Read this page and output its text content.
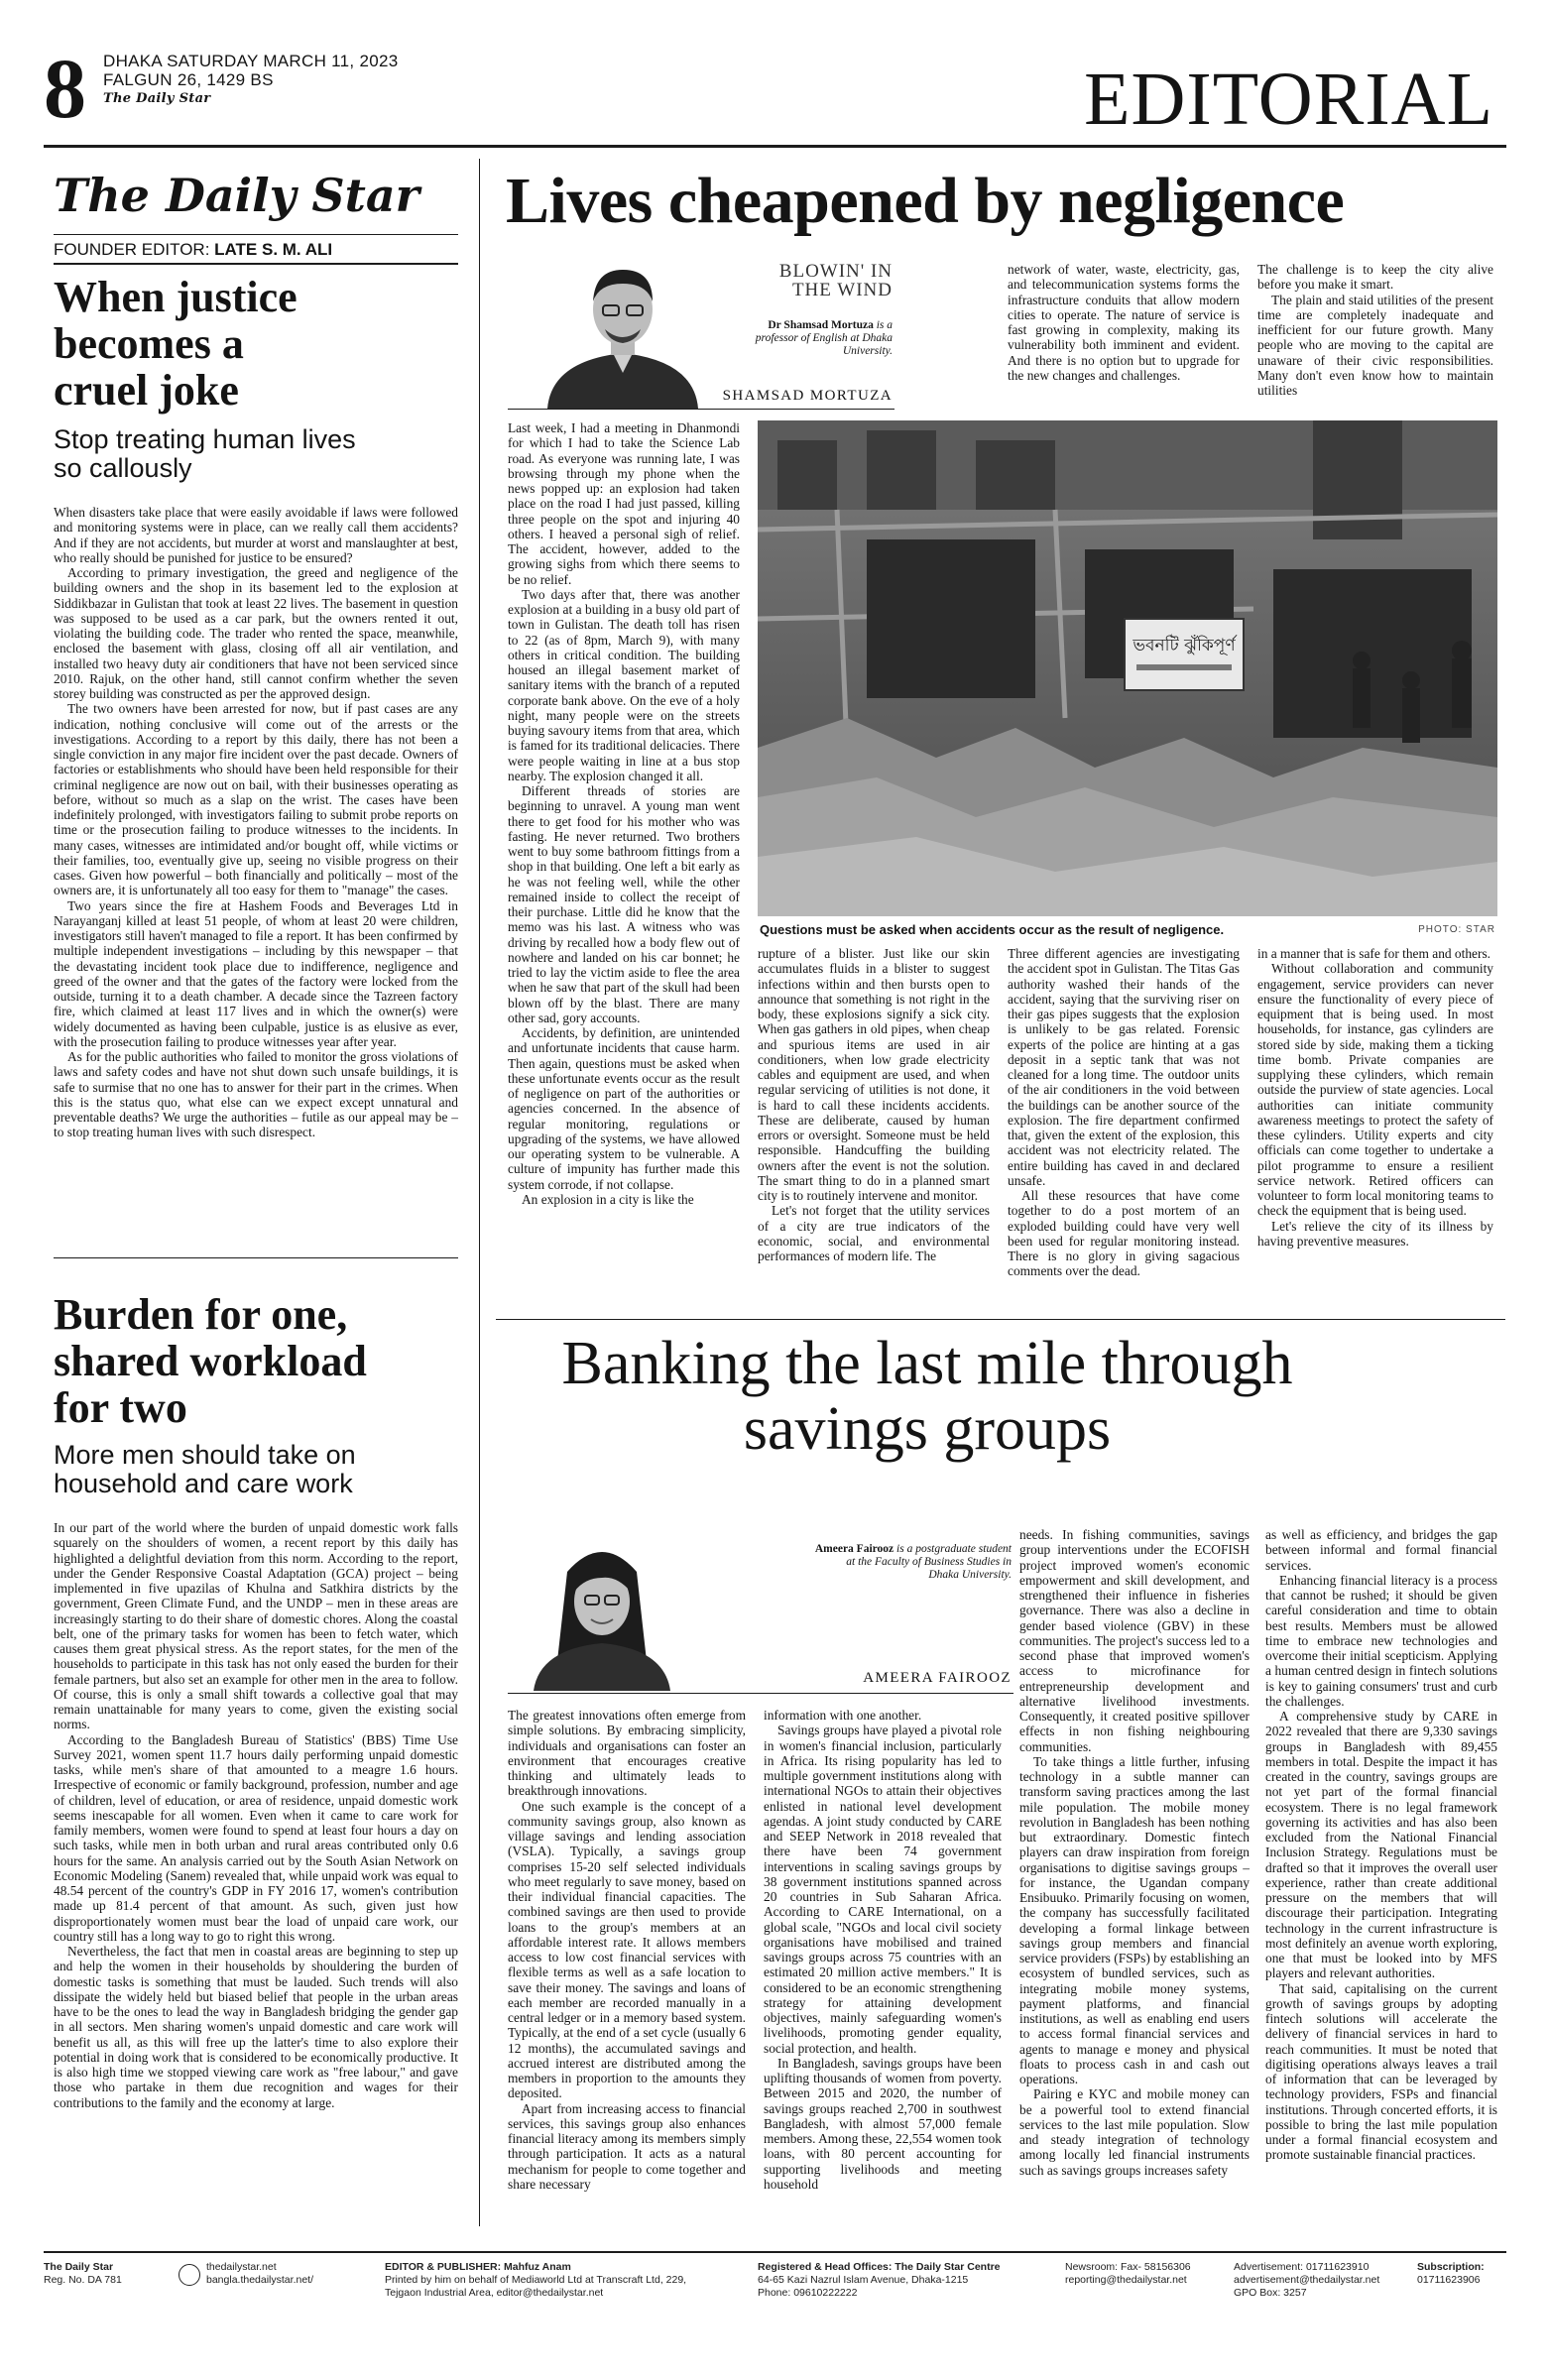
8 DHAKA SATURDAY MARCH 11, 2023
FALGUN 26, 1429 BS
The Daily Star	EDITORIAL
The Daily Star
FOUNDER EDITOR: LATE S. M. ALI
When justice becomes a cruel joke
Stop treating human lives so callously

When disasters take place that were easily avoidable if laws were followed and monitoring systems were in place, can we really call them accidents? And if they are not accidents, but murder at worst and manslaughter at best, who really should be punished for justice to be ensured?

According to primary investigation, the greed and negligence of the building owners and the shop in its basement led to the explosion at Siddikbazar in Gulistan that took at least 22 lives. The basement in question was supposed to be used as a car park, but the owners rented it out, violating the building code. The trader who rented the space, meanwhile, enclosed the basement with glass, closing off all air ventilation, and installed two heavy duty air conditioners that have not been serviced since 2010. Rajuk, on the other hand, still cannot confirm whether the seven storey building was constructed as per the approved design.

The two owners have been arrested for now, but if past cases are any indication, nothing conclusive will come out of the arrests or the investigations. According to a report by this daily, there has not been a single conviction in any major fire incident over the past decade. Owners of factories or establishments who should have been held responsible for their criminal negligence are now out on bail, with their businesses operating as before, without so much as a slap on the wrist. The cases have been indefinitely prolonged, with investigators failing to submit probe reports on time or the prosecution failing to produce witnesses to the incidents. In many cases, witnesses are intimidated and/or bought off, while victims or their families, too, eventually give up, seeing no visible progress on their cases. Given how powerful – both financially and politically – most of the owners are, it is unfortunately all too easy for them to "manage" the cases.

Two years since the fire at Hashem Foods and Beverages Ltd in Narayanganj killed at least 51 people, of whom at least 20 were children, investigators still haven't managed to file a report. It has been confirmed by multiple independent investigations – including by this newspaper – that the devastating incident took place due to indifference, negligence and greed of the owner and that the gates of the factory were locked from the outside, turning it to a death chamber. A decade since the Tazreen factory fire, which claimed at least 117 lives and in which the owner(s) were widely documented as having been culpable, justice is as elusive as ever, with the prosecution failing to produce witnesses year after year.

As for the public authorities who failed to monitor the gross violations of laws and safety codes and have not shut down such unsafe buildings, it is safe to surmise that no one has to answer for their part in the crimes. When this is the status quo, what else can we expect except unnatural and preventable deaths? We urge the authorities – futile as our appeal may be – to stop treating human lives with such disrespect.

Burden for one, shared workload for two
More men should take on household and care work

In our part of the world where the burden of unpaid domestic work falls squarely on the shoulders of women, a recent report by this daily has highlighted a delightful deviation from this norm. According to the report, under the Gender Responsive Coastal Adaptation (GCA) project – being implemented in five upazilas of Khulna and Satkhira districts by the government, Green Climate Fund, and the UNDP – men in these areas are increasingly starting to do their share of domestic chores. Along the coastal belt, one of the primary tasks for women has been to fetch water, which causes them great physical stress. As the report states, for the men of the households to participate in this task has not only eased the burden for their female partners, but also set an example for other men in the area to follow. Of course, this is only a small shift towards a collective goal that may remain unattainable for many years to come, given the existing social norms.

According to the Bangladesh Bureau of Statistics' (BBS) Time Use Survey 2021, women spent 11.7 hours daily performing unpaid domestic tasks, while men's share of that amounted to a meagre 1.6 hours. Irrespective of economic or family background, profession, number and age of children, level of education, or area of residence, unpaid domestic work seems inescapable for all women. Even when it came to care work for family members, women were found to spend at least four hours a day on such tasks, while men in both urban and rural areas contributed only 0.6 hours for the same. An analysis carried out by the South Asian Network on Economic Modeling (Sanem) revealed that, while unpaid work was equal to 48.54 percent of the country's GDP in FY 2016 17, women's contribution made up 81.4 percent of that amount. As such, given just how disproportionately women must bear the load of unpaid care work, our country still has a long way to go to right this wrong.

Nevertheless, the fact that men in coastal areas are beginning to step up and help the women in their households by shouldering the burden of domestic tasks is something that must be lauded. Such trends will also dissipate the widely held but biased belief that people in the urban areas have to be the ones to lead the way in Bangladesh bridging the gender gap in all sectors. Men sharing women's unpaid domestic and care work will benefit us all, as this will free up the latter's time to also explore their potential in doing work that is considered to be economically productive. It is also high time we stopped viewing care work as "free labour," and gave those who partake in them due recognition and wages for their contributions to the family and the economy at large.

Lives cheapened by negligence
BLOWIN' IN THE WIND
Dr Shamsad Mortuza is a professor of English at Dhaka University.
SHAMSAD MORTUZA

Last week, I had a meeting in Dhanmondi for which I had to take the Science Lab road. As everyone was running late, I was browsing through my phone when the news popped up: an explosion had taken place on the road I had just passed, killing three people on the spot and injuring 40 others. I heaved a personal sigh of relief. The accident, however, added to the growing sighs from which there seems to be no relief.

Two days after that, there was another explosion at a building in a busy old part of town in Gulistan. The death toll has risen to 22 (as of 8pm, March 9), with many others in critical condition. The building housed an illegal basement market of sanitary items with the branch of a reputed corporate bank above. On the eve of a holy night, many people were on the streets buying savoury items from that area, which is famed for its traditional delicacies. There were people waiting in line at a bus stop nearby. The explosion changed it all.

Different threads of stories are beginning to unravel. A young man went there to get food for his mother who was fasting. He never returned. Two brothers went to buy some bathroom fittings from a shop in that building. One left a bit early as he was not feeling well, while the other remained inside to collect the receipt of their purchase. Little did he know that the memo was his last. A witness who was driving by recalled how a body flew out of nowhere and landed on his car bonnet; he tried to lay the victim aside to flee the area when he saw that part of the skull had been blown off by the blast. There are many other sad, gory accounts.

Accidents, by definition, are unintended and unfortunate incidents that cause harm. Then again, questions must be asked when these unfortunate events occur as the result of negligence on part of the authorities or agencies concerned. In the absence of regular monitoring, regulations or upgrading of the systems, we have allowed our operating system to be vulnerable. A culture of impunity has further made this system corrode, if not collapse.

An explosion in a city is like the

network of water, waste, electricity, gas, and telecommunication systems forms the infrastructure conduits that allow modern cities to operate. The nature of service is fast growing in complexity, making its vulnerability both imminent and evident. And there is no option but to upgrade for the new changes and challenges.

The challenge is to keep the city alive before you make it smart.

The plain and staid utilities of the present time are completely inadequate and inefficient for our future growth. Many people who are moving to the capital are unaware of their civic responsibilities. Many don't even know how to maintain utilities

ভবনটি ঝুঁকিপূর্ণ
Questions must be asked when accidents occur as the result of negligence.	PHOTO: STAR

rupture of a blister. Just like our skin accumulates fluids in a blister to suggest infections within and then bursts open to announce that something is not right in the body, these explosions signify a sick city. When gas gathers in old pipes, when cheap and spurious items are used in air conditioners, when low grade electricity cables and equipment are used, and when regular servicing of utilities is not done, it is hard to call these incidents accidents. These are deliberate, caused by human errors or oversight. Someone must be held responsible. Handcuffing the building owners after the event is not the solution. The smart thing to do in a planned smart city is to routinely intervene and monitor.

Let's not forget that the utility services of a city are true indicators of the economic, social, and environmental performances of modern life. The

Three different agencies are investigating the accident spot in Gulistan. The Titas Gas authority washed their hands of the accident, saying that the surviving riser on their gas pipes suggests that the explosion is unlikely to be gas related. Forensic experts of the police are hinting at a gas deposit in a septic tank that was not cleaned for a long time. The outdoor units of the air conditioners in the void between the buildings can be another source of the explosion. The fire department confirmed that, given the extent of the explosion, this accident was not electricity related. The entire building has caved in and declared unsafe.

All these resources that have come together to do a post mortem of an exploded building could have very well been used for regular monitoring instead. There is no glory in giving sagacious comments over the dead.

in a manner that is safe for them and others.

Without collaboration and community engagement, service providers can never ensure the functionality of every piece of equipment that is being used. In most households, for instance, gas cylinders are stored side by side, making them a ticking time bomb. Private companies are supplying these cylinders, which remain outside the purview of state agencies. Local authorities can initiate community awareness meetings to protect the safety of these cylinders. Utility experts and city officials can come together to undertake a pilot programme to ensure a resilient service network. Retired officers can volunteer to form local monitoring teams to check the equipment that is being used.

Let's relieve the city of its illness by having preventive measures.

Banking the last mile through savings groups
Ameera Fairooz is a postgraduate student at the Faculty of Business Studies in Dhaka University.
AMEERA FAIROOZ

The greatest innovations often emerge from simple solutions. By embracing simplicity, individuals and organisations can foster an environment that encourages creative thinking and ultimately leads to breakthrough innovations.

One such example is the concept of a community savings group, also known as village savings and lending association (VSLA). Typically, a savings group comprises 15-20 self selected individuals who meet regularly to save money, based on their individual financial capacities. The combined savings are then used to provide loans to the group's members at an affordable interest rate. It allows members access to low cost financial services with flexible terms as well as a safe location to save their money. The savings and loans of each member are recorded manually in a central ledger or in a memory based system. Typically, at the end of a set cycle (usually 6 12 months), the accumulated savings and accrued interest are distributed among the members in proportion to the amounts they deposited.

Apart from increasing access to financial services, this savings group also enhances financial literacy among its members simply through participation. It acts as a natural mechanism for people to come together and share necessary

information with one another.

Savings groups have played a pivotal role in women's financial inclusion, particularly in Africa. Its rising popularity has led to multiple government institutions along with international NGOs to attain their objectives enlisted in national level development agendas. A joint study conducted by CARE and SEEP Network in 2018 revealed that there have been 74 government interventions in scaling savings groups by 38 government institutions spanned across 20 countries in Sub Saharan Africa. According to CARE International, on a global scale, "NGOs and local civil society organisations have mobilised and trained savings groups across 75 countries with an estimated 20 million active members." It is considered to be an economic strengthening strategy for attaining development objectives, mainly safeguarding women's livelihoods, promoting gender equality, social protection, and health.

In Bangladesh, savings groups have been uplifting thousands of women from poverty. Between 2015 and 2020, the number of savings groups reached 2,700 in southwest Bangladesh, with almost 57,000 female members. Among these, 22,554 women took loans, with 80 percent accounting for supporting livelihoods and meeting household

needs. In fishing communities, savings group interventions under the ECOFISH project improved women's economic empowerment and skill development, and strengthened their influence in fisheries governance. There was also a decline in gender based violence (GBV) in these communities. The project's success led to a second phase that improved women's access to microfinance for entrepreneurship development and alternative livelihood investments. Consequently, it created positive spillover effects in non fishing neighbouring communities.

To take things a little further, infusing technology in a subtle manner can transform saving practices among the last mile population. The mobile money revolution in Bangladesh has been nothing but extraordinary. Domestic fintech players can draw inspiration from foreign organisations to digitise savings groups – for instance, the Ugandan company Ensibuuko. Primarily focusing on women, the company has successfully facilitated developing a formal linkage between savings group members and financial service providers (FSPs) by establishing an ecosystem of bundled services, such as integrating mobile money systems, payment platforms, and financial institutions, as well as enabling end users to access formal financial services and agents to manage e money and physical floats to process cash in and cash out operations.

Pairing e KYC and mobile money can be a powerful tool to extend financial services to the last mile population. Slow and steady integration of technology among locally led financial instruments such as savings groups increases safety

as well as efficiency, and bridges the gap between informal and formal financial services.

Enhancing financial literacy is a process that cannot be rushed; it should be given careful consideration and time to obtain best results. Members must be allowed time to embrace new technologies and overcome their initial scepticism. Applying a human centred design in fintech solutions is key to gaining consumers' trust and curb the challenges.

A comprehensive study by CARE in 2022 revealed that there are 9,330 savings groups in Bangladesh with 89,455 members in total. Despite the impact it has created in the country, savings groups are not yet part of the formal financial ecosystem. There is no legal framework governing its activities and has also been excluded from the National Financial Inclusion Strategy. Regulations must be drafted so that it improves the overall user experience, rather than create additional pressure on the members that will discourage their participation. Integrating technology in the current infrastructure is most definitely an avenue worth exploring, one that must be looked into by MFS players and relevant authorities.

That said, capitalising on the current growth of savings groups by adopting fintech solutions will accelerate the delivery of financial services in hard to reach communities. It must be noted that digitising operations always leaves a trail of information that can be leveraged by technology providers, FSPs and financial institutions. Through concerted efforts, it is possible to bring the last mile population under a formal financial ecosystem and promote sustainable financial practices.

The Daily Star
Reg. No. DA 781
thedailystar.net
bangla.thedailystar.net/
EDITOR & PUBLISHER: Mahfuz Anam
Printed by him on behalf of Mediaworld Ltd at Transcraft Ltd, 229,
Tejgaon Industrial Area, editor@thedailystar.net
Registered & Head Offices: The Daily Star Centre
64-65 Kazi Nazrul Islam Avenue, Dhaka-1215
Phone: 09610222222
Newsroom: Fax- 58156306
reporting@thedailystar.net
Advertisement: 01711623910
advertisement@thedailystar.net
GPO Box: 3257
Subscription:
01711623906
